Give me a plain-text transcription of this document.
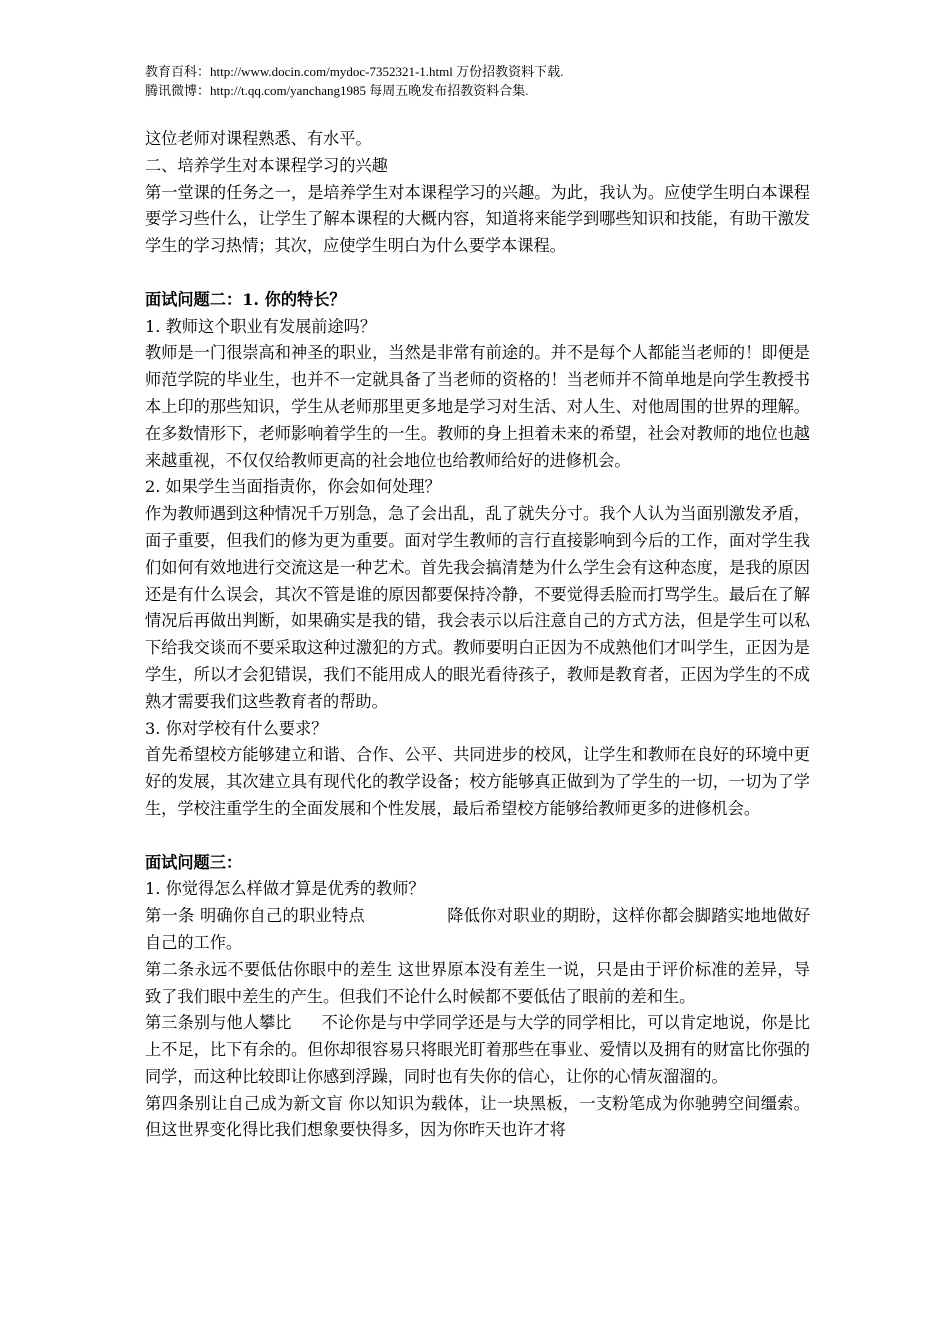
教育百科：http://www.docin.com/mydoc-7352321-1.html 万份招教资料下载.
腾讯微博：http://t.qq.com/yanchang1985 每周五晚发布招教资料合集.

这位老师对课程熟悉、有水平。

二、培养学生对本课程学习的兴趣

第一堂课的任务之一，是培养学生对本课程学习的兴趣。为此，我认为。应使学生明白本课程要学习些什么，让学生了解本课程的大概内容，知道将来能学到哪些知识和技能，有助干激发学生的学习热情；其次，应使学生明白为什么要学本课程。

面试问题二：1. 你的特长？

1. 教师这个职业有发展前途吗？

教师是一门很崇高和神圣的职业，当然是非常有前途的。并不是每个人都能当老师的！即便是师范学院的毕业生，也并不一定就具备了当老师的资格的！当老师并不简单地是向学生教授书本上印的那些知识，学生从老师那里更多地是学习对生活、对人生、对他周围的世界的理解。在多数情形下，老师影响着学生的一生。教师的身上担着未来的希望，社会对教师的地位也越来越重视，不仅仅给教师更高的社会地位也给教师给好的进修机会。

2. 如果学生当面指责你，你会如何处理？

作为教师遇到这种情况千万别急，急了会出乱，乱了就失分寸。我个人认为当面别激发矛盾，面子重要，但我们的修为更为重要。面对学生教师的言行直接影响到今后的工作，面对学生我们如何有效地进行交流这是一种艺术。首先我会搞清楚为什么学生会有这种态度，是我的原因还是有什么误会，其次不管是谁的原因都要保持冷静，不要觉得丢脸而打骂学生。最后在了解情况后再做出判断，如果确实是我的错，我会表示以后注意自己的方式方法，但是学生可以私下给我交谈而不要采取这种过激犯的方式。教师要明白正因为不成熟他们才叫学生，正因为是学生，所以才会犯错误，我们不能用成人的眼光看待孩子，教师是教育者，正因为学生的不成熟才需要我们这些教育者的帮助。

3. 你对学校有什么要求？

首先希望校方能够建立和谐、合作、公平、共同进步的校风，让学生和教师在良好的环境中更好的发展，其次建立具有现代化的教学设备；校方能够真正做到为了学生的一切，一切为了学生，学校注重学生的全面发展和个性发展，最后希望校方能够给教师更多的进修机会。

面试问题三：

1. 你觉得怎么样做才算是优秀的教师？

第一条 明确你自己的职业特点	降低你对职业的期盼，这样你都会脚踏实地地做好自己的工作。

第二条永远不要低估你眼中的差生 这世界原本没有差生一说，只是由于评价标准的差异，导致了我们眼中差生的产生。但我们不论什么时候都不要低估了眼前的差和生。

第三条别与他人攀比 不论你是与中学同学还是与大学的同学相比，可以肯定地说，你是比上不足，比下有余的。但你却很容易只将眼光盯着那些在事业、爱情以及拥有的财富比你强的同学，而这种比较即让你感到浮躁，同时也有失你的信心，让你的心情灰溜溜的。

第四条别让自己成为新文盲 你以知识为载体，让一块黑板，一支粉笔成为你驰骋空间缰索。但这世界变化得比我们想象要快得多，因为你昨天也许才将
